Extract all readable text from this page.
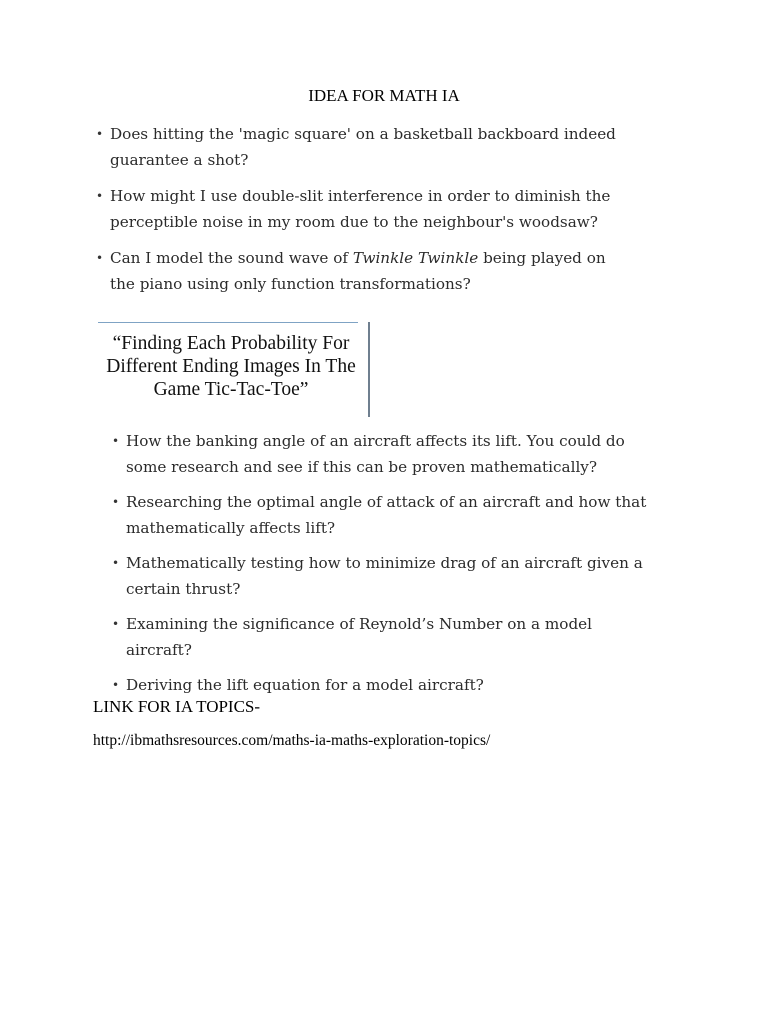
IDEA FOR MATH IA
• Does hitting the 'magic square' on a basketball backboard indeed guarantee a shot?
• How might I use double-slit interference in order to diminish the perceptible noise in my room due to the neighbour's woodsaw?
• Can I model the sound wave of Twinkle Twinkle being played on the piano using only function transformations?
“Finding Each Probability For Different Ending Images In The Game Tic-Tac-Toe”
• How the banking angle of an aircraft affects its lift. You could do some research and see if this can be proven mathematically?
• Researching the optimal angle of attack of an aircraft and how that mathematically affects lift?
• Mathematically testing how to minimize drag of an aircraft given a certain thrust?
• Examining the significance of Reynold’s Number on a model aircraft?
• Deriving the lift equation for a model aircraft?
LINK FOR IA TOPICS-
http://ibmathsresources.com/maths-ia-maths-exploration-topics/
